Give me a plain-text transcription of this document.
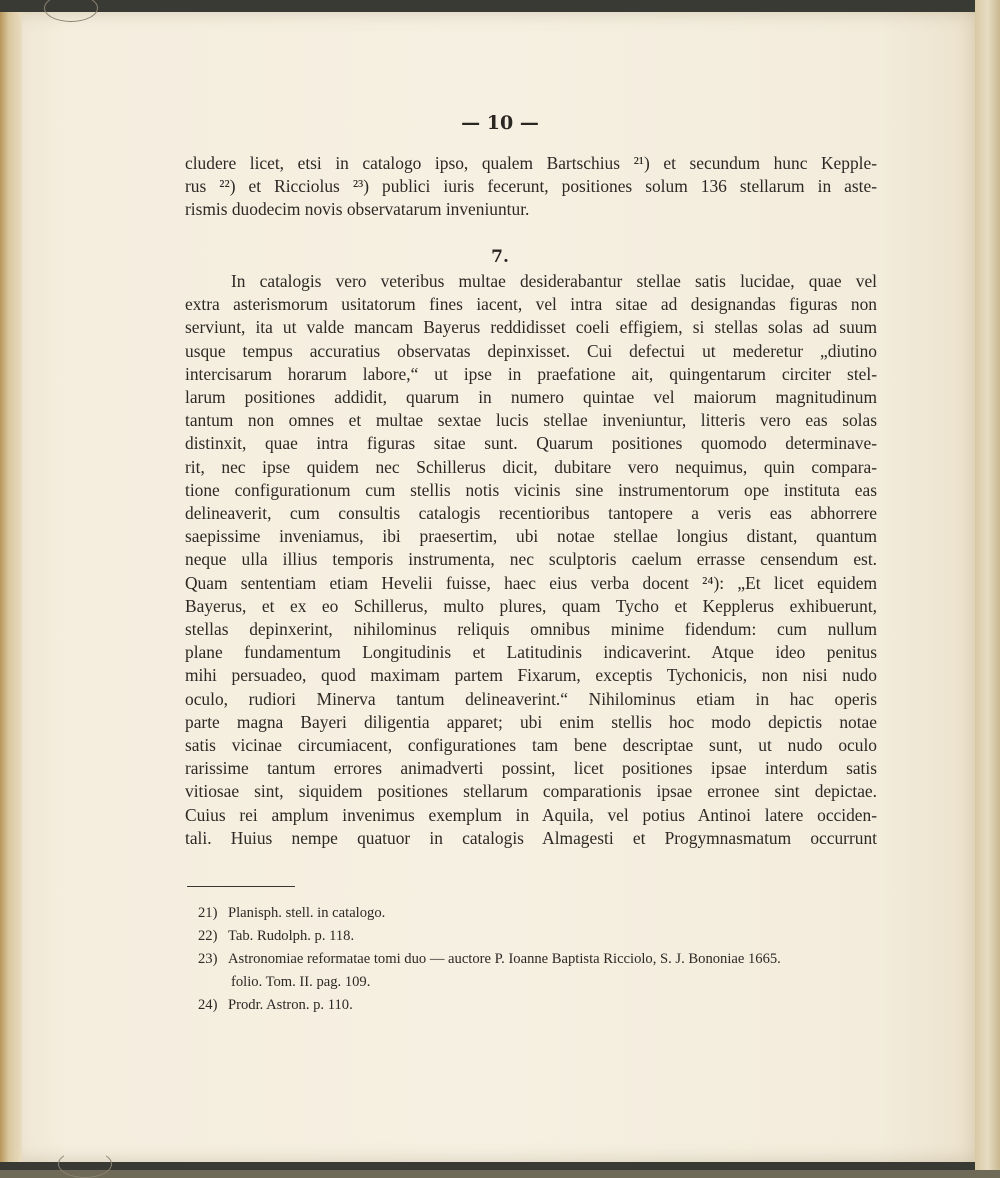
— 10 —
cludere licet, etsi in catalogo ipso, qualem Bartschius ²¹) et secundum hunc Kepple-
rus ²²) et Ricciolus ²³) publici iuris fecerunt, positiones solum 136 stellarum in aste-
rismis duodecim novis observatarum inveniuntur.
7.
In catalogis vero veteribus multae desiderabantur stellae satis lucidae, quae vel
extra asterismorum usitatorum fines iacent, vel intra sitae ad designandas figuras non
serviunt, ita ut valde mancam Bayerus reddidisset coeli effigiem, si stellas solas ad suum
usque tempus accuratius observatas depinxisset. Cui defectui ut mederetur „diutino
intercisarum horarum labore,“ ut ipse in praefatione ait, quingentarum circiter stel-
larum positiones addidit, quarum in numero quintae vel maiorum magnitudinum
tantum non omnes et multae sextae lucis stellae inveniuntur, litteris vero eas solas
distinxit, quae intra figuras sitae sunt. Quarum positiones quomodo determinave-
rit, nec ipse quidem nec Schillerus dicit, dubitare vero nequimus, quin compara-
tione configurationum cum stellis notis vicinis sine instrumentorum ope instituta eas
delineaverit, cum consultis catalogis recentioribus tantopere a veris eas abhorrere
saepissime inveniamus, ibi praesertim, ubi notae stellae longius distant, quantum
neque ulla illius temporis instrumenta, nec sculptoris caelum errasse censendum est.
Quam sententiam etiam Hevelii fuisse, haec eius verba docent ²⁴): „Et licet equidem
Bayerus, et ex eo Schillerus, multo plures, quam Tycho et Kepplerus exhibuerunt,
stellas depinxerint, nihilominus reliquis omnibus minime fidendum: cum nullum
plane fundamentum Longitudinis et Latitudinis indicaverint. Atque ideo penitus
mihi persuadeo, quod maximam partem Fixarum, exceptis Tychonicis, non nisi nudo
oculo, rudiori Minerva tantum delineaverint.“ Nihilominus etiam in hac operis
parte magna Bayeri diligentia apparet; ubi enim stellis hoc modo depictis notae
satis vicinae circumiacent, configurationes tam bene descriptae sunt, ut nudo oculo
rarissime tantum errores animadverti possint, licet positiones ipsae interdum satis
vitiosae sint, siquidem positiones stellarum comparationis ipsae erronee sint depictae.
Cuius rei amplum invenimus exemplum in Aquila, vel potius Antinoi latere occiden-
tali. Huius nempe quatuor in catalogis Almagesti et Progymnasmatum occurrunt
21) Planisph. stell. in catalogo.
22) Tab. Rudolph. p. 118.
23) Astronomiae reformatae tomi duo — auctore P. Ioanne Baptista Ricciolo, S. J. Bononiae 1665.
folio. Tom. II. pag. 109.
24) Prodr. Astron. p. 110.
